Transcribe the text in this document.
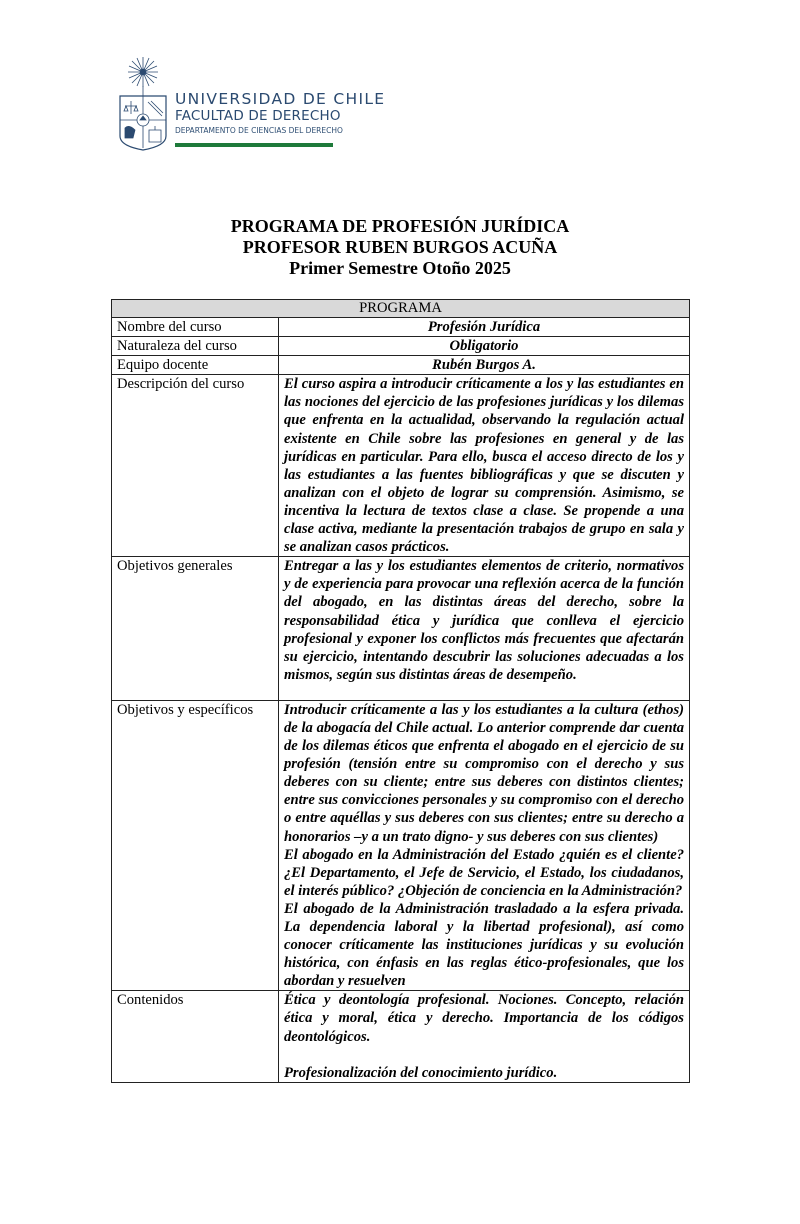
UNIVERSIDAD DE CHILE
FACULTAD DE DERECHO
DEPARTAMENTO DE CIENCIAS DEL DERECHO
PROGRAMA DE PROFESIÓN JURÍDICA
PROFESOR RUBEN BURGOS ACUÑA
Primer Semestre Otoño 2025
PROGRAMA	
Nombre del curso	Profesión Jurídica
Naturaleza del curso	Obligatorio
Equipo docente	Rubén Burgos A.
Descripción del curso	El curso aspira a introducir críticamente a los y las estudiantes en las nociones del ejercicio de las profesiones jurídicas y los dilemas que enfrenta en la actualidad, observando la regulación actual existente en Chile sobre las profesiones en general y de las jurídicas en particular. Para ello, busca el acceso directo de los y las estudiantes a las fuentes bibliográficas y que se discuten y analizan con el objeto de lograr su comprensión. Asimismo, se incentiva la lectura de textos clase a clase. Se propende a una clase activa, mediante la presentación trabajos de grupo en sala y se analizan casos prácticos.
Objetivos generales	Entregar a las y los estudiantes elementos de criterio, normativos y de experiencia para provocar una reflexión acerca de la función del abogado, en las distintas áreas del derecho, sobre la responsabilidad ética y jurídica que conlleva el ejercicio profesional y exponer los conflictos más frecuentes que afectarán su ejercicio, intentando descubrir las soluciones adecuadas a los mismos, según sus distintas áreas de desempeño.

Objetivos y específicos	Introducir críticamente a las y los estudiantes a la cultura (ethos) de la abogacía del Chile actual. Lo anterior comprende dar cuenta de los dilemas éticos que enfrenta el abogado en el ejercicio de su profesión (tensión entre su compromiso con el derecho y sus deberes con su cliente; entre sus deberes con distintos clientes; entre sus convicciones personales y su compromiso con el derecho o entre aquéllas y sus deberes con sus clientes; entre su derecho a honorarios –y a un trato digno- y sus deberes con sus clientes)
El abogado en la Administración del Estado ¿quién es el cliente? ¿El Departamento, el Jefe de Servicio, el Estado, los ciudadanos, el interés público? ¿Objeción de conciencia en la Administración?
El abogado de la Administración trasladado a la esfera privada. La dependencia laboral y la libertad profesional), así como conocer críticamente las instituciones jurídicas y su evolución histórica, con énfasis en las reglas ético-profesionales, que los abordan y resuelven

Contenidos	Ética y deontología profesional. Nociones. Concepto, relación ética y moral, ética y derecho. Importancia de los códigos deontológicos.
Profesionalización del conocimiento jurídico.
